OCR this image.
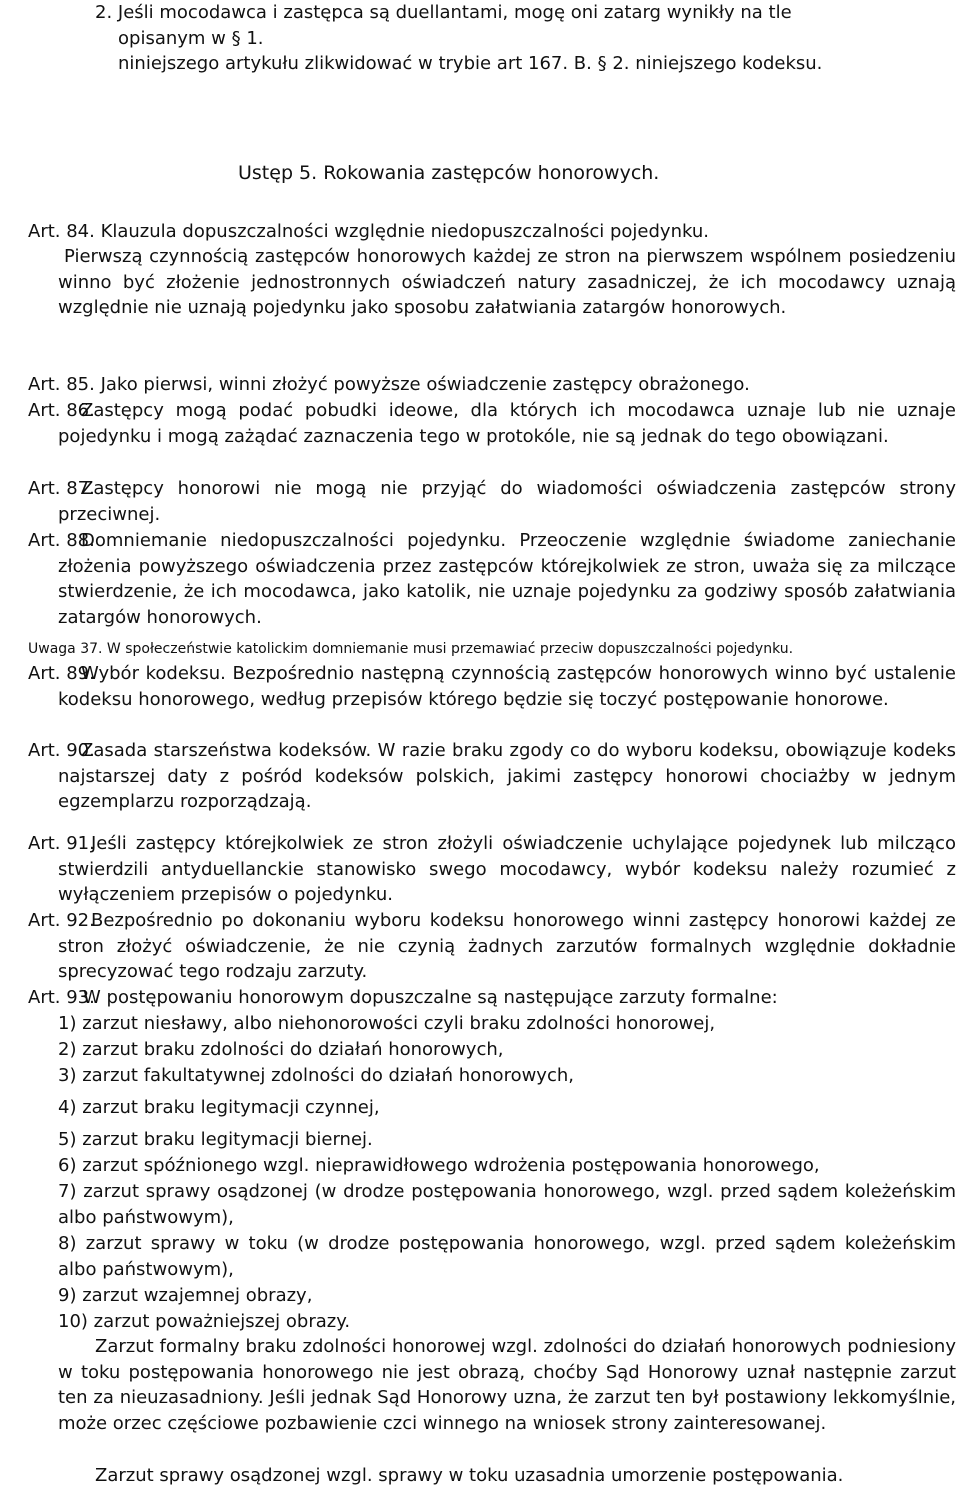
2. Jeśli mocodawca i zastępca są duellantami, mogę oni zatarg wynikły na tle
opisanym w § 1.
niniejszego artykułu zlikwidować w trybie art 167. B. § 2. niniejszego kodeksu.
Ustęp 5. Rokowania zastępców honorowych.
Art. 84. Klauzula dopuszczalności względnie niedopuszczalności pojedynku.
Pierwszą czynnością zastępców honorowych każdej ze stron na pierwszem wspólnem posiedzeniu winno być złożenie jednostronnych oświadczeń natury zasadniczej, że ich mocodawcy uznają względnie nie uznają pojedynku jako sposobu załatwiania zatargów honorowych.
Art. 85. Jako pierwsi, winni złożyć powyższe oświadczenie zastępcy obrażonego.
Art. 86.
Zastępcy mogą podać pobudki ideowe, dla których ich mocodawca uznaje lub nie uznaje pojedynku i mogą zażądać zaznaczenia tego w protokóle, nie są jednak do tego obowiązani.
Art. 87.
Zastępcy honorowi nie mogą nie przyjąć do wiadomości oświadczenia zastępców strony przeciwnej.
Art. 88.
Domniemanie niedopuszczalności pojedynku. Przeoczenie względnie świadome zaniechanie złożenia powyższego oświadczenia przez zastępców którejkolwiek ze stron, uważa się za milczące stwierdzenie, że ich mocodawca, jako katolik, nie uznaje pojedynku za godziwy sposób załatwiania zatargów honorowych.
Uwaga 37. W społeczeństwie katolickim domniemanie musi przemawiać przeciw dopuszczalności pojedynku.
Art. 89.
Wybór kodeksu. Bezpośrednio następną czynnością zastępców honorowych winno być ustalenie kodeksu honorowego, według przepisów którego będzie się toczyć postępowanie honorowe.
Art. 90.
Zasada starszeństwa kodeksów. W razie braku zgody co do wyboru kodeksu, obowiązuje kodeks najstarszej daty z pośród kodeksów polskich, jakimi zastępcy honorowi chociażby w jednym egzemplarzu rozporządzają.
Art. 91.
Jeśli zastępcy którejkolwiek ze stron złożyli oświadczenie uchylające pojedynek lub milcząco stwierdzili antyduellanckie stanowisko swego mocodawcy, wybór kodeksu należy rozumieć z wyłączeniem przepisów o pojedynku.
Art. 92.
Bezpośrednio po dokonaniu wyboru kodeksu honorowego winni zastępcy honorowi każdej ze stron złożyć oświadczenie, że nie czynią żadnych zarzutów formalnych względnie dokładnie sprecyzować tego rodzaju zarzuty.
Art. 93.
W postępowaniu honorowym dopuszczalne są następujące zarzuty formalne:
1) zarzut niesławy, albo niehonorowości czyli braku zdolności honorowej,
2) zarzut braku zdolności do działań honorowych,
3) zarzut fakultatywnej zdolności do działań honorowych,
4) zarzut braku legitymacji czynnej,
5) zarzut braku legitymacji biernej.
6) zarzut spóźnionego wzgl. nieprawidłowego wdrożenia postępowania honorowego,
7) zarzut sprawy osądzonej (w drodze postępowania honorowego, wzgl. przed sądem koleżeńskim albo państwowym),
8) zarzut sprawy w toku (w drodze postępowania honorowego, wzgl. przed sądem koleżeńskim albo państwowym),
9) zarzut wzajemnej obrazy,
10) zarzut poważniejszej obrazy.
Zarzut formalny braku zdolności honorowej wzgl. zdolności do działań honorowych podniesiony w toku postępowania honorowego nie jest obrazą, choćby Sąd Honorowy uznał następnie zarzut ten za nieuzasadniony. Jeśli jednak Sąd Honorowy uzna, że zarzut ten był postawiony lekkomyślnie, może orzec częściowe pozbawienie czci winnego na wniosek strony zainteresowanej.
Zarzut sprawy osądzonej wzgl. sprawy w toku uzasadnia umorzenie postępowania.
